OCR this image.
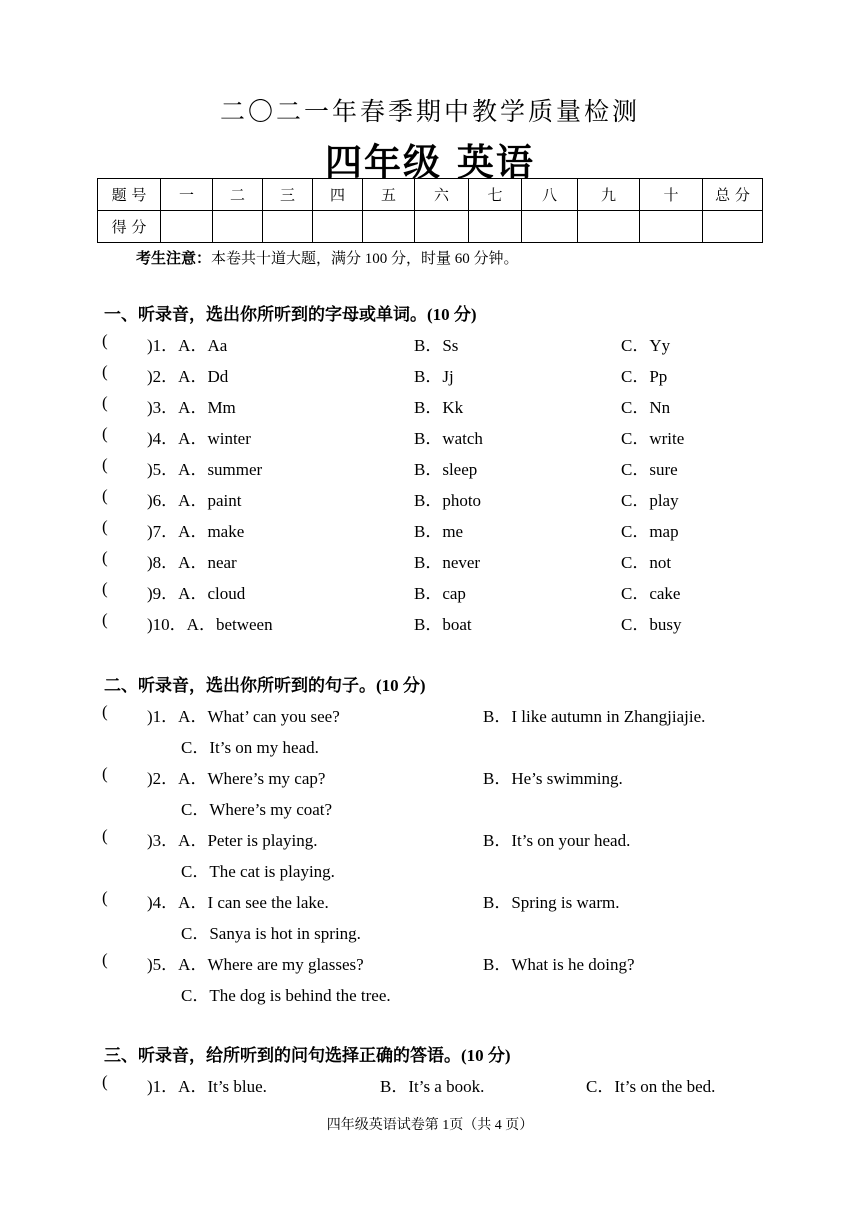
二〇二一年春季期中教学质量检测
四年级 英语
题 号	一	二	三	四	五	六	七	八	九	十	总 分
得 分											
考生注意：本卷共十道大题，满分 100 分，时量 60 分钟。
一、听录音，选出你所听到的字母或单词。(10 分)
( )1．A．Aa	B．Ss	C．Yy
( )2．A．Dd	B．Jj	C．Pp
( )3．A．Mm	B．Kk	C．Nn
( )4．A．winter	B．watch	C．write
( )5．A．summer	B．sleep	C．sure
( )6．A．paint	B．photo	C．play
( )7．A．make	B．me	C．map
( )8．A．near	B．never	C．not
( )9．A．cloud	B．cap	C．cake
( )10．A．between	B．boat	C．busy
二、听录音，选出你所听到的句子。(10 分)
( )1．A．What’ can you see?	B．I like autumn in Zhangjiajie.
C．It’s on my head.
( )2．A．Where’s my cap?	B．He’s swimming.
C．Where’s my coat?
( )3．A．Peter is playing.	B．It’s on your head.
C．The cat is playing.
( )4．A．I can see the lake.	B．Spring is warm.
C．Sanya is hot in spring.
( )5．A．Where are my glasses?	B．What is he doing?
C．The dog is behind the tree.
三、听录音，给所听到的问句选择正确的答语。(10 分)
( )1．A．It’s blue.	B．It’s a book.	C．It’s on the bed.
四年级英语试卷第 1页（共 4 页）
